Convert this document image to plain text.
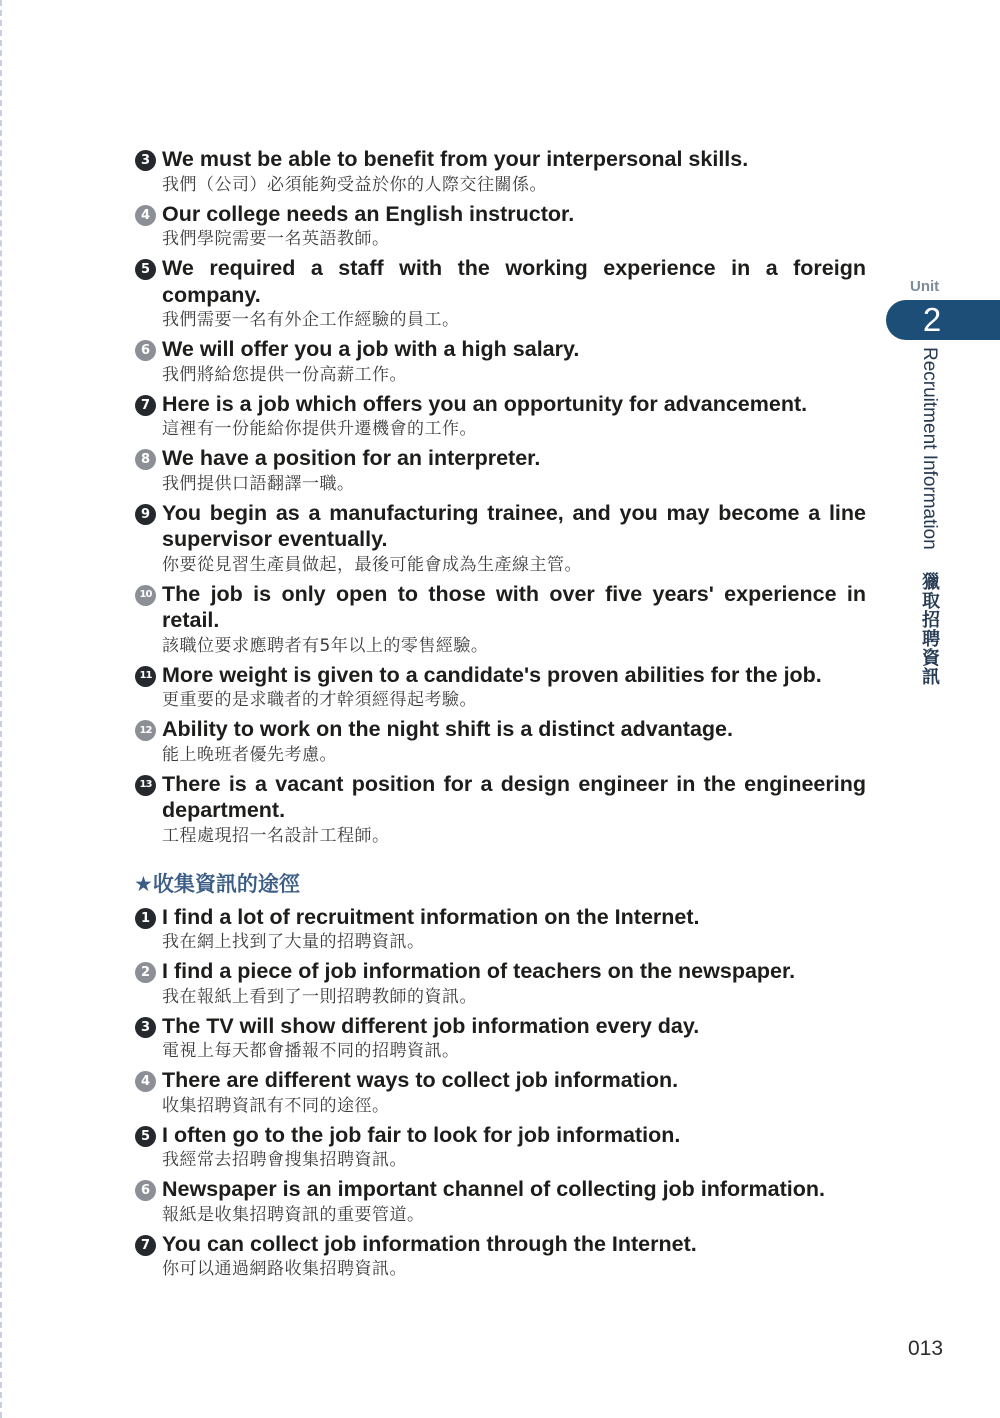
3 We must be able to benefit from your interpersonal skills.
我們（公司）必須能夠受益於你的人際交往關係。
4 Our college needs an English instructor.
我們學院需要一名英語教師。
5 We required a staff with the working experience in a foreign company.
我們需要一名有外企工作經驗的員工。
6 We will offer you a job with a high salary.
我們將給您提供一份高薪工作。
7 Here is a job which offers you an opportunity for advancement.
這裡有一份能給你提供升遷機會的工作。
8 We have a position for an interpreter.
我們提供口語翻譯一職。
9 You begin as a manufacturing trainee, and you may become a line supervisor eventually.
你要從見習生產員做起，最後可能會成為生產線主管。
10 The job is only open to those with over five years' experience in retail.
該職位要求應聘者有5年以上的零售經驗。
11 More weight is given to a candidate's proven abilities for the job.
更重要的是求職者的才幹須經得起考驗。
12 Ability to work on the night shift is a distinct advantage.
能上晚班者優先考慮。
13 There is a vacant position for a design engineer in the engineering department.
工程處現招一名設計工程師。
★收集資訊的途徑
1 I find a lot of recruitment information on the Internet.
我在網上找到了大量的招聘資訊。
2 I find a piece of job information of teachers on the newspaper.
我在報紙上看到了一則招聘教師的資訊。
3 The TV will show different job information every day.
電視上每天都會播報不同的招聘資訊。
4 There are different ways to collect job information.
收集招聘資訊有不同的途徑。
5 I often go to the job fair to look for job information.
我經常去招聘會搜集招聘資訊。
6 Newspaper is an important channel of collecting job information.
報紙是收集招聘資訊的重要管道。
7 You can collect job information through the Internet.
你可以通過網路收集招聘資訊。
Unit
2
Recruitment Information
獵取招聘資訊
013
